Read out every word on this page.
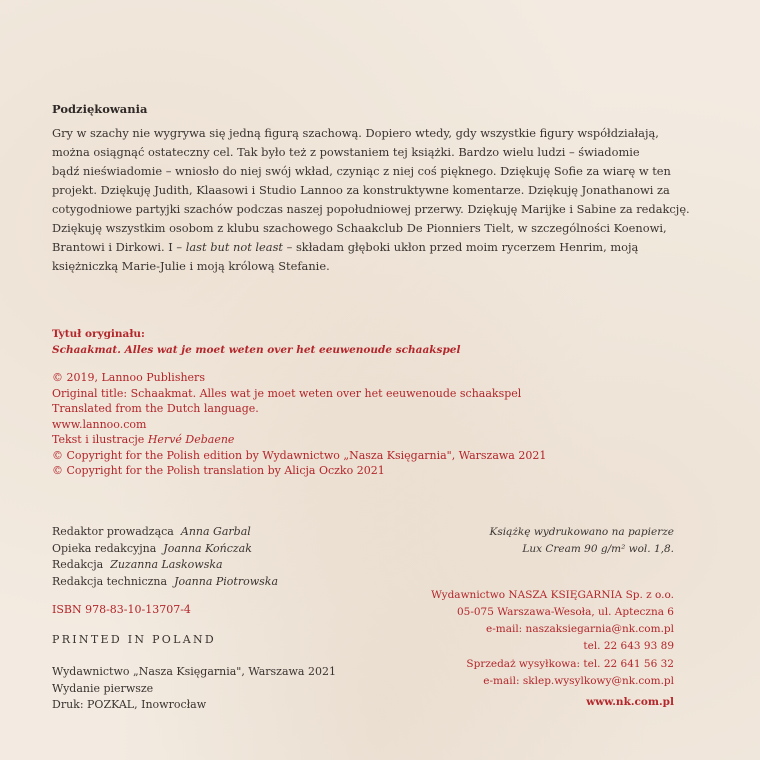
Podziękowania
Gry w szachy nie wygrywa się jedną figurą szachową. Dopiero wtedy, gdy wszystkie figury współdziałają,
można osiągnąć ostateczny cel. Tak było też z powstaniem tej książki. Bardzo wielu ludzi – świadomie
bądź nieświadomie – wniosło do niej swój wkład, czyniąc z niej coś pięknego. Dziękuję Sofie za wiarę w ten
projekt. Dziękuję Judith, Klaasowi i Studio Lannoo za konstruktywne komentarze. Dziękuję Jonathanowi za
cotygodniowe partyjki szachów podczas naszej popołudniowej przerwy. Dziękuję Marijke i Sabine za redakcję.
Dziękuję wszystkim osobom z klubu szachowego Schaakclub De Pionniers Tielt, w szczególności Koenowi,
Brantowi i Dirkowi. I – last but not least – składam głęboki ukłon przed moim rycerzem Henrim, moją
księżniczką Marie-Julie i moją królową Stefanie.
Tytuł oryginału:
Schaakmat. Alles wat je moet weten over het eeuwenoude schaakspel
© 2019, Lannoo Publishers
Original title: Schaakmat. Alles wat je moet weten over het eeuwenoude schaakspel
Translated from the Dutch language.
www.lannoo.com
Tekst i ilustracje Hervé Debaene
© Copyright for the Polish edition by Wydawnictwo „Nasza Księgarnia", Warszawa 2021
© Copyright for the Polish translation by Alicja Oczko 2021
Redaktor prowadząca Anna Garbal
Opieka redakcyjna Joanna Kończak
Redakcja Zuzanna Laskowska
Redakcja techniczna Joanna Piotrowska
ISBN 978-83-10-13707-4
PRINTED IN POLAND
Wydawnictwo „Nasza Księgarnia", Warszawa 2021
Wydanie pierwsze
Druk: POZKAL, Inowrocław
Książkę wydrukowano na papierze
Lux Cream 90 g/m² wol. 1,8.
Wydawnictwo NASZA KSIĘGARNIA Sp. z o.o.
05-075 Warszawa-Wesoła, ul. Apteczna 6
e-mail: naszaksiegarnia@nk.com.pl
tel. 22 643 93 89
Sprzedaż wysyłkowa: tel. 22 641 56 32
e-mail: sklep.wysylkowy@nk.com.pl
www.nk.com.pl
